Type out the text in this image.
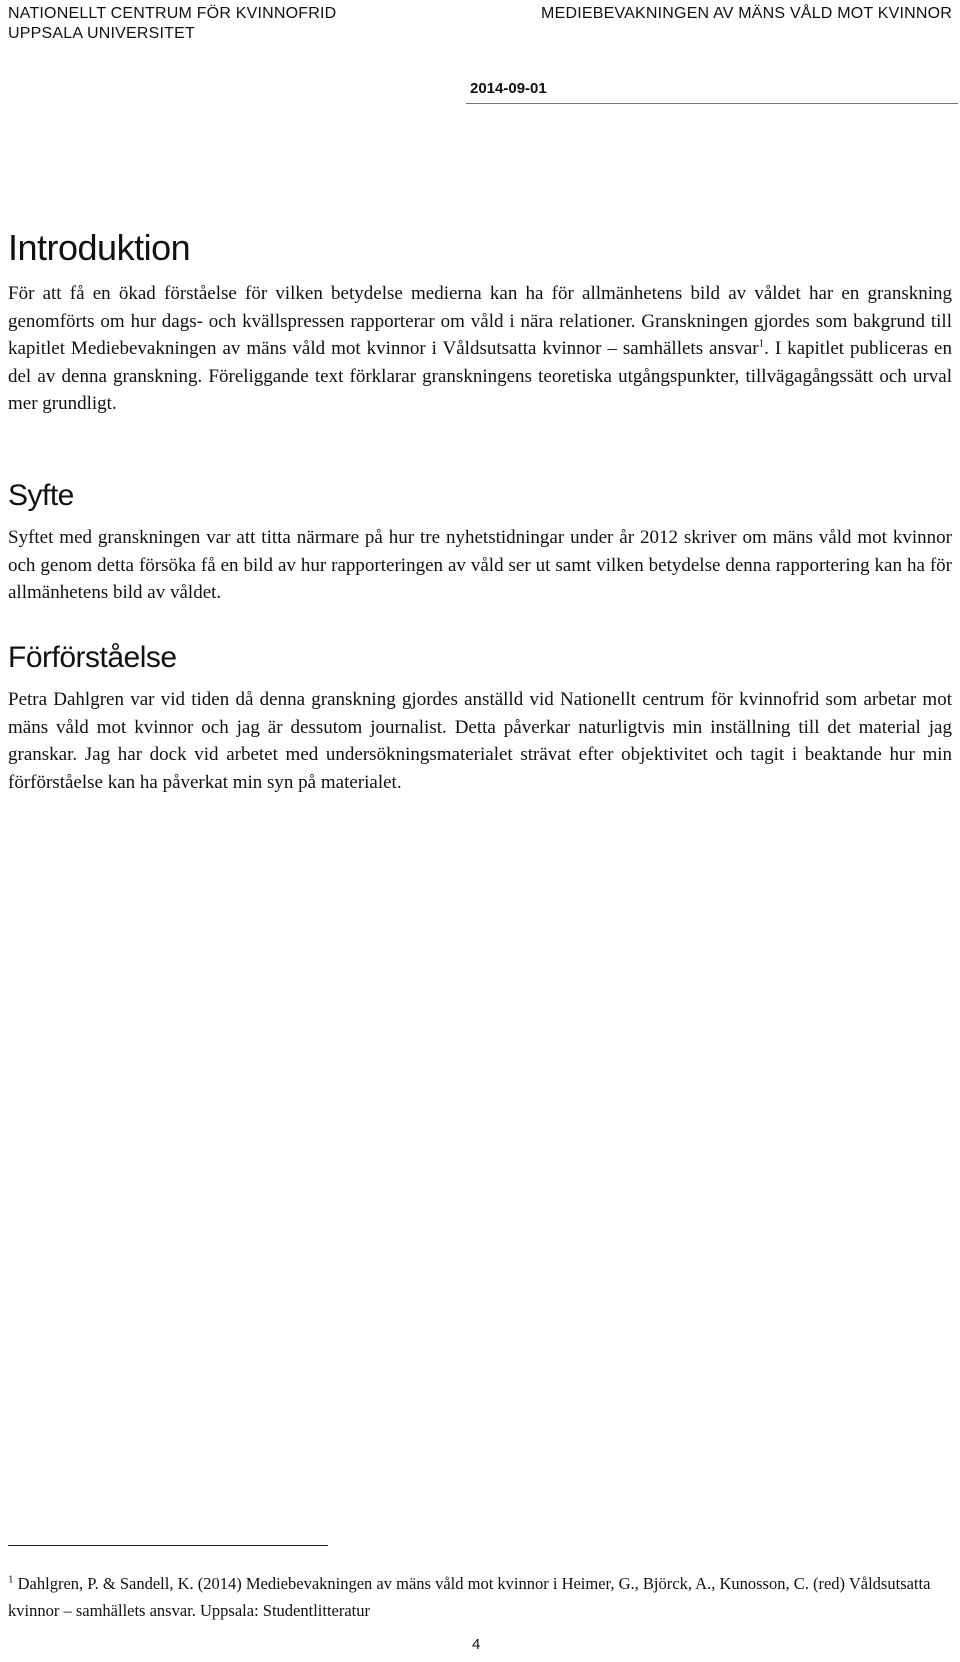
NATIONELLT CENTRUM FÖR KVINNOFRID
UPPSALA UNIVERSITET
MEDIEBEVAKNINGEN AV MÄNS VÅLD MOT KVINNOR
2014-09-01
Introduktion

För att få en ökad förståelse för vilken betydelse medierna kan ha för allmänhetens bild av våldet har en granskning genomförts om hur dags- och kvällspressen rapporterar om våld i nära relationer. Granskningen gjordes som bakgrund till kapitlet Mediebevakningen av mäns våld mot kvinnor i Våldsutsatta kvinnor – samhällets ansvar$^1$. I kapitlet publiceras en del av denna granskning. Föreliggande text förklarar granskningens teoretiska utgångspunkter, tillvägagångssätt och urval mer grundligt.

Syfte

Syftet med granskningen var att titta närmare på hur tre nyhetstidningar under år 2012 skriver om mäns våld mot kvinnor och genom detta försöka få en bild av hur rapporteringen av våld ser ut samt vilken betydelse denna rapportering kan ha för allmänhetens bild av våldet.

Förförståelse

Petra Dahlgren var vid tiden då denna granskning gjordes anställd vid Nationellt centrum för kvinnofrid som arbetar mot mäns våld mot kvinnor och jag är dessutom journalist. Detta påverkar naturligtvis min inställning till det material jag granskar. Jag har dock vid arbetet med undersökningsmaterialet strävat efter objektivitet och tagit i beaktande hur min förförståelse kan ha påverkat min syn på materialet.

$^1$ Dahlgren, P. & Sandell, K. (2014) Mediebevakningen av mäns våld mot kvinnor i Heimer, G., Björck, A., Kunosson, C. (red) Våldsutsatta kvinnor – samhällets ansvar. Uppsala: Studentlitteratur

4
